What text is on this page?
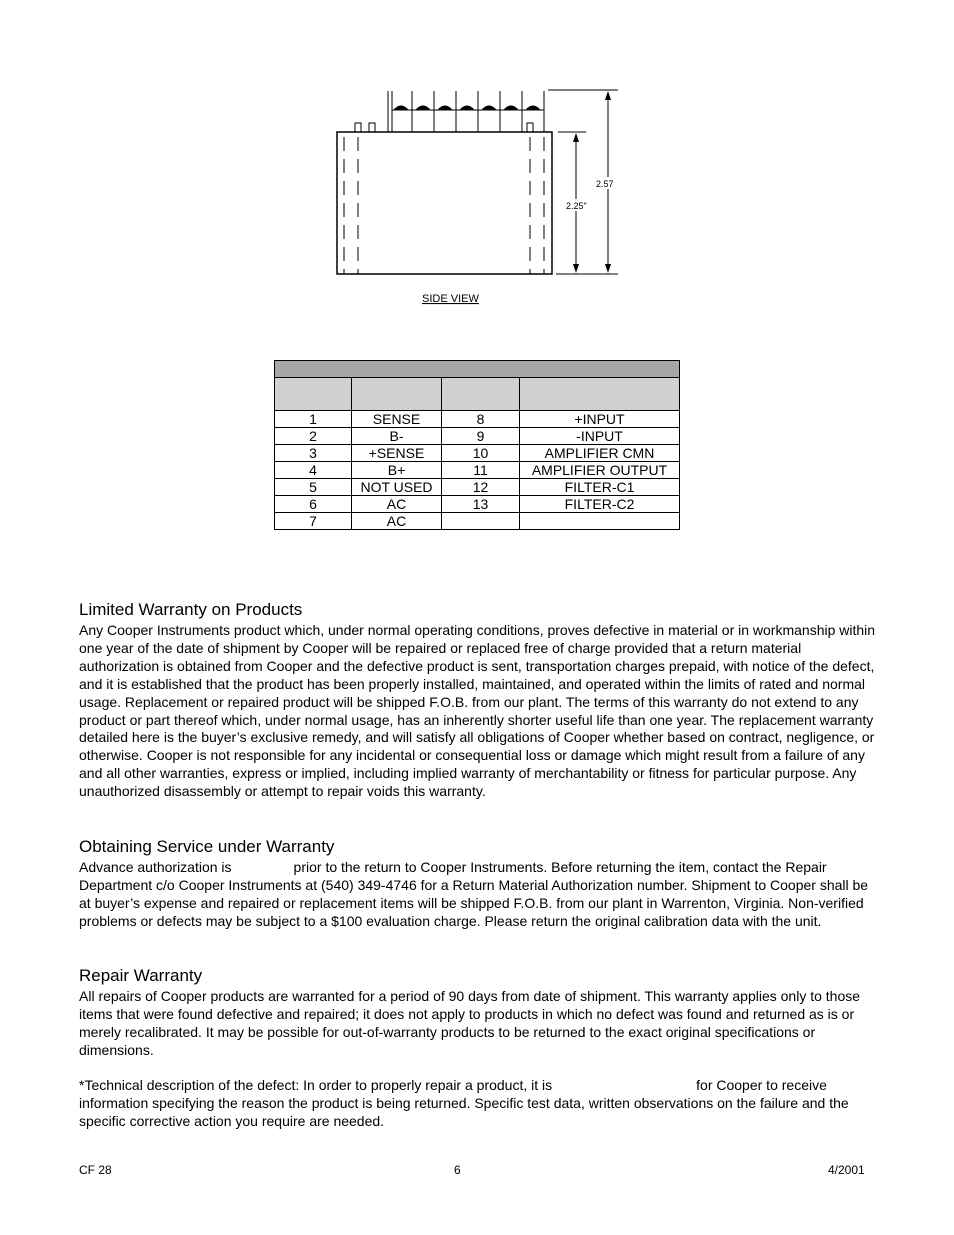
2.57
2.25"
SIDE VIEW

1	SENSE	8	+INPUT
2	B-	9	-INPUT
3	+SENSE	10	AMPLIFIER CMN
4	B+	11	AMPLIFIER OUTPUT
5	NOT USED	12	FILTER-C1
6	AC	13	FILTER-C2
7	AC		
Limited Warranty on Products
Any Cooper Instruments product which, under normal operating conditions, proves defective in material or in workmanship within one year of the date of shipment by Cooper will be repaired or replaced free of charge provided that a return material authorization is obtained from Cooper and the defective product is sent, transportation charges prepaid, with notice of the defect, and it is established that the product has been properly installed, maintained, and operated within the limits of rated and normal usage. Replacement or repaired product will be shipped F.O.B. from our plant. The terms of this warranty do not extend to any product or part thereof which, under normal usage, has an inherently shorter useful life than one year. The replacement warranty detailed here is the buyer’s exclusive remedy, and will satisfy all obligations of Cooper whether based on contract, negligence, or otherwise. Cooper is not responsible for any incidental or consequential loss or damage which might result from a failure of any and all other warranties, express or implied, including implied warranty of merchantability or fitness for particular purpose. Any unauthorized disassembly or attempt to repair voids this warranty.
Obtaining Service under Warranty
Advance authorization is	prior to the return to Cooper Instruments. Before returning the item, contact the Repair Department c/o Cooper Instruments at (540) 349-4746 for a Return Material Authorization number. Shipment to Cooper shall be at buyer’s expense and repaired or replacement items will be shipped F.O.B. from our plant in Warrenton, Virginia. Non-verified problems or defects may be subject to a $100 evaluation charge. Please return the original calibration data with the unit.
Repair Warranty
All repairs of Cooper products are warranted for a period of 90 days from date of shipment. This warranty applies only to those items that were found defective and repaired; it does not apply to products in which no defect was found and returned as is or merely recalibrated. It may be possible for out-of-warranty products to be returned to the exact original specifications or dimensions.
*Technical description of the defect: In order to properly repair a product, it is	for Cooper to receive information specifying the reason the product is being returned. Specific test data, written observations on the failure and the specific corrective action you require are needed.
CF 28	6	4/2001
